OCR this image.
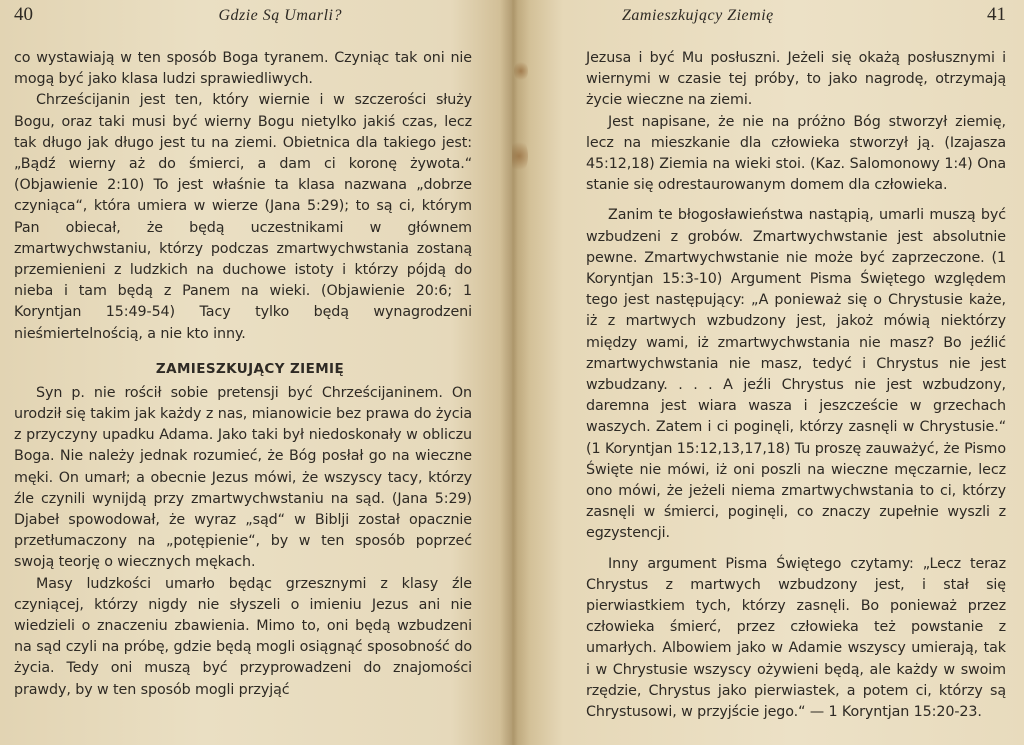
40	Gdzie Są Umarli?

co wystawiają w ten sposób Boga tyranem. Czyniąc tak oni nie mogą być jako klasa ludzi sprawiedliwych.

Chrześcijanin jest ten, który wiernie i w szczerości służy Bogu, oraz taki musi być wierny Bogu nietylko jakiś czas, lecz tak długo jak długo jest tu na ziemi. Obietnica dla takiego jest: „Bądź wierny aż do śmierci, a dam ci koronę żywota.“ (Objawienie 2:10) To jest właśnie ta klasa nazwana „dobrze czyniąca“, która umiera w wierze (Jana 5:29); to są ci, którym Pan obiecał, że będą uczestnikami w głównem zmartwychwstaniu, którzy podczas zmartwychwstania zostaną przemienieni z ludzkich na duchowe istoty i którzy pójdą do nieba i tam będą z Panem na wieki. (Objawienie 20:6; 1 Koryntjan 15:49-54) Tacy tylko będą wynagrodzeni nieśmiertelnością, a nie kto inny.

ZAMIESZKUJĄCY ZIEMIĘ

Syn p. nie rościł sobie pretensji być Chrześcijaninem. On urodził się takim jak każdy z nas, mianowicie bez prawa do życia z przyczyny upadku Adama. Jako taki był niedoskonały w obliczu Boga. Nie należy jednak rozumieć, że Bóg posłał go na wieczne męki. On umarł; a obecnie Jezus mówi, że wszyscy tacy, którzy źle czynili wynijdą przy zmartwychwstaniu na sąd. (Jana 5:29) Djabeł spowodował, że wyraz „sąd“ w Biblji został opacznie przetłumaczony na „potępienie“, by w ten sposób poprzeć swoją teorję o wiecznych mękach.

Masy ludzkości umarło będąc grzesznymi z klasy źle czyniącej, którzy nigdy nie słyszeli o imieniu Jezus ani nie wiedzieli o znaczeniu zbawienia. Mimo to, oni będą wzbudzeni na sąd czyli na próbę, gdzie będą mogli osiągnąć sposobność do życia. Tedy oni muszą być przyprowadzeni do znajomości prawdy, by w ten sposób mogli przyjąć

Zamieszkujący Ziemię	41

Jezusa i być Mu posłuszni. Jeżeli się okażą posłusznymi i wiernymi w czasie tej próby, to jako nagrodę, otrzymają życie wieczne na ziemi.

Jest napisane, że nie na próżno Bóg stworzył ziemię, lecz na mieszkanie dla człowieka stworzył ją. (Izajasza 45:12,18) Ziemia na wieki stoi. (Kaz. Salomonowy 1:4) Ona stanie się odrestaurowanym domem dla człowieka.

Zanim te błogosławieństwa nastąpią, umarli muszą być wzbudzeni z grobów. Zmartwychwstanie jest absolutnie pewne. Zmartwychwstanie nie może być zaprzeczone. (1 Koryntjan 15:3-10) Argument Pisma Świętego względem tego jest następujący: „A ponieważ się o Chrystusie każe, iż z martwych wzbudzony jest, jakoż mówią niektórzy między wami, iż zmartwychwstania nie masz? Bo jeźlić zmartwychwstania nie masz, tedyć i Chrystus nie jest wzbudzany. . . . A jeźli Chrystus nie jest wzbudzony, daremna jest wiara wasza i jeszczeście w grzechach waszych. Zatem i ci poginęli, którzy zasnęli w Chrystusie.“ (1 Koryntjan 15:12,13,17,18) Tu proszę zauważyć, że Pismo Święte nie mówi, iż oni poszli na wieczne męczarnie, lecz ono mówi, że jeżeli niema zmartwychwstania to ci, którzy zasnęli w śmierci, poginęli, co znaczy zupełnie wyszli z egzystencji.

Inny argument Pisma Świętego czytamy: „Lecz teraz Chrystus z martwych wzbudzony jest, i stał się pierwiastkiem tych, którzy zasnęli. Bo ponieważ przez człowieka śmierć, przez człowieka też powstanie z umarłych. Albowiem jako w Adamie wszyscy umierają, tak i w Chrystusie wszyscy ożywieni będą, ale każdy w swoim rzędzie, Chrystus jako pierwiastek, a potem ci, którzy są Chrystusowi, w przyjście jego.“ — 1 Koryntjan 15:20-23.
